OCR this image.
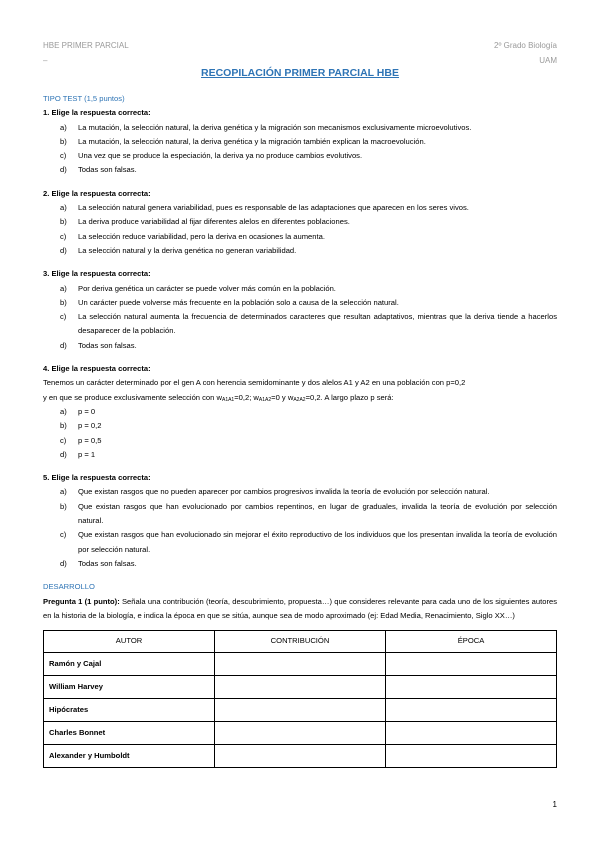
HBE PRIMER PARCIAL
–
2º Grado Biología
UAM
RECOPILACIÓN PRIMER PARCIAL HBE
TIPO TEST (1,5 puntos)
1. Elige la respuesta correcta:
a)	La mutación, la selección natural, la deriva genética y la migración son mecanismos exclusivamente microevolutivos.
b)	La mutación, la selección natural, la deriva genética y la migración también explican la macroevolución.
c)	Una vez que se produce la especiación, la deriva ya no produce cambios evolutivos.
d)	Todas son falsas.
2. Elige la respuesta correcta:
a)	La selección natural genera variabilidad, pues es responsable de las adaptaciones que aparecen en los seres vivos.
b)	La deriva produce variabilidad al fijar diferentes alelos en diferentes poblaciones.
c)	La selección reduce variabilidad, pero la deriva en ocasiones la aumenta.
d)	La selección natural y la deriva genética no generan variabilidad.
3. Elige la respuesta correcta:
a)	Por deriva genética un carácter se puede volver más común en la población.
b)	Un carácter puede volverse más frecuente en la población solo a causa de la selección natural.
c)	La selección natural aumenta la frecuencia de determinados caracteres que resultan adaptativos, mientras que la deriva tiende a hacerlos desaparecer de la población.
d)	Todas son falsas.
4. Elige la respuesta correcta:
Tenemos un carácter determinado por el gen A con herencia semidominante y dos alelos A1 y A2 en una población con p=0,2
y en que se produce exclusivamente selección con $w_{A1A1}=0,2$; $w_{A1A2}=0$ y $w_{A2A2}=0,2$. A largo plazo p será:
a)	p = 0
b)	p = 0,2
c)	p = 0,5
d)	p = 1
5. Elige la respuesta correcta:
a)	Que existan rasgos que no pueden aparecer por cambios progresivos invalida la teoría de evolución por selección natural.
b)	Que existan rasgos que han evolucionado por cambios repentinos, en lugar de graduales, invalida la teoría de evolución por selección natural.
c)	Que existan rasgos que han evolucionado sin mejorar el éxito reproductivo de los individuos que los presentan invalida la teoría de evolución por selección natural.
d)	Todas son falsas.
DESARROLLO
Pregunta 1 (1 punto): Señala una contribución (teoría, descubrimiento, propuesta…) que consideres relevante para cada uno de los siguientes autores en la historia de la biología, e indica la época en que se sitúa, aunque sea de modo aproximado (ej: Edad Media, Renacimiento, Siglo XX…)
AUTOR	CONTRIBUCIÓN	ÉPOCA
Ramón y Cajal		
William Harvey		
Hipócrates		
Charles Bonnet		
Alexander y Humboldt		
1
